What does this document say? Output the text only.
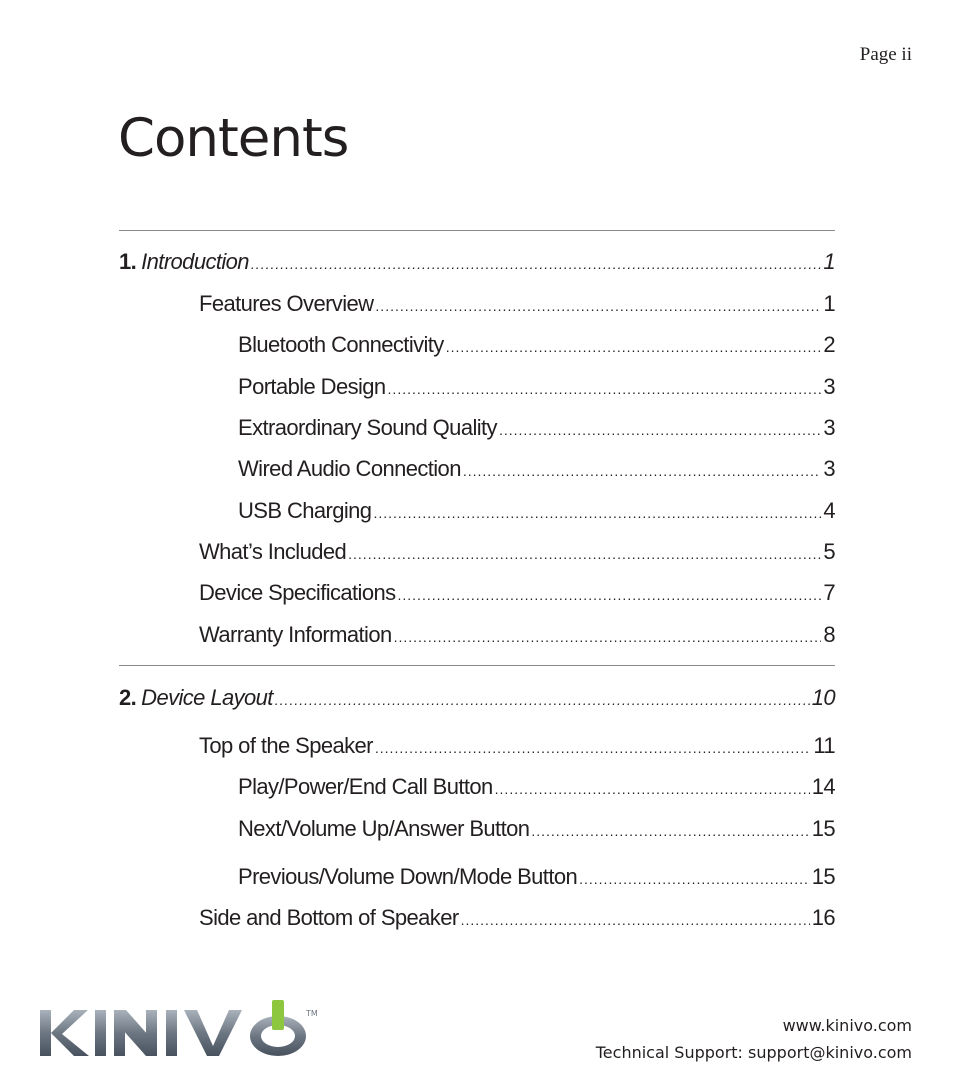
Page ii
Contents
1. Introduction .....	1
Features Overview .....	1
Bluetooth Connectivity .....	2
Portable Design .....	3
Extraordinary Sound Quality .....	3
Wired Audio Connection .....	3
USB Charging .....	4
What’s Included .....	5
Device Specifications .....	7
Warranty Information .....	8
2. Device Layout .....	10
Top of the Speaker .....	11
Play/Power/End Call Button .....	14
Next/Volume Up/Answer Button .....	15
Previous/Volume Down/Mode Button .....	15
Side and Bottom of Speaker .....	16
TM
www.kinivo.com
Technical Support: support@kinivo.com
